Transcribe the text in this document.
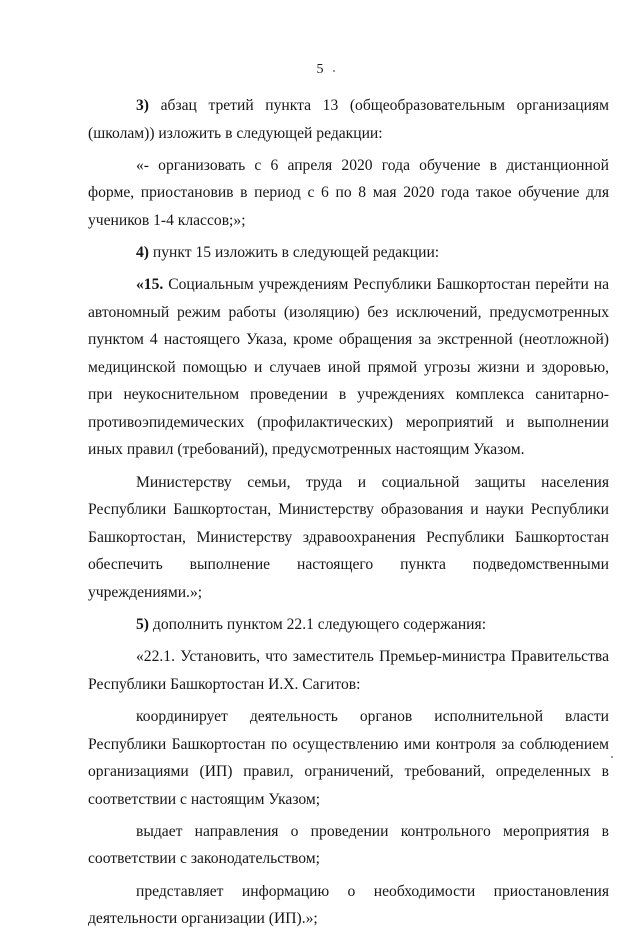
5

3) абзац третий пункта 13 (общеобразовательным организациям (школам)) изложить в следующей редакции:

«- организовать с 6 апреля 2020 года обучение в дистанционной форме, приостановив в период с 6 по 8 мая 2020 года такое обучение для учеников 1-4 классов;»;

4) пункт 15 изложить в следующей редакции:

«15. Социальным учреждениям Республики Башкортостан перейти на автономный режим работы (изоляцию) без исключений, предусмотренных пунктом 4 настоящего Указа, кроме обращения за экстренной (неотложной) медицинской помощью и случаев иной прямой угрозы жизни и здоровью, при неукоснительном проведении в учреждениях комплекса санитарно-противоэпидемических (профилактических) мероприятий и выполнении иных правил (требований), предусмотренных настоящим Указом.

Министерству семьи, труда и социальной защиты населения Республики Башкортостан, Министерству образования и науки Республики Башкортостан, Министерству здравоохранения Республики Башкортостан обеспечить выполнение настоящего пункта подведомственными учреждениями.»;

5) дополнить пунктом 22.1 следующего содержания:

«22.1. Установить, что заместитель Премьер-министра Правительства Республики Башкортостан И.Х. Сагитов:

координирует деятельность органов исполнительной власти Республики Башкортостан по осуществлению ими контроля за соблюдением организациями (ИП) правил, ограничений, требований, определенных в соответствии с настоящим Указом;

выдает направления о проведении контрольного мероприятия в соответствии с законодательством;

представляет информацию о необходимости приостановления деятельности организации (ИП).»;
